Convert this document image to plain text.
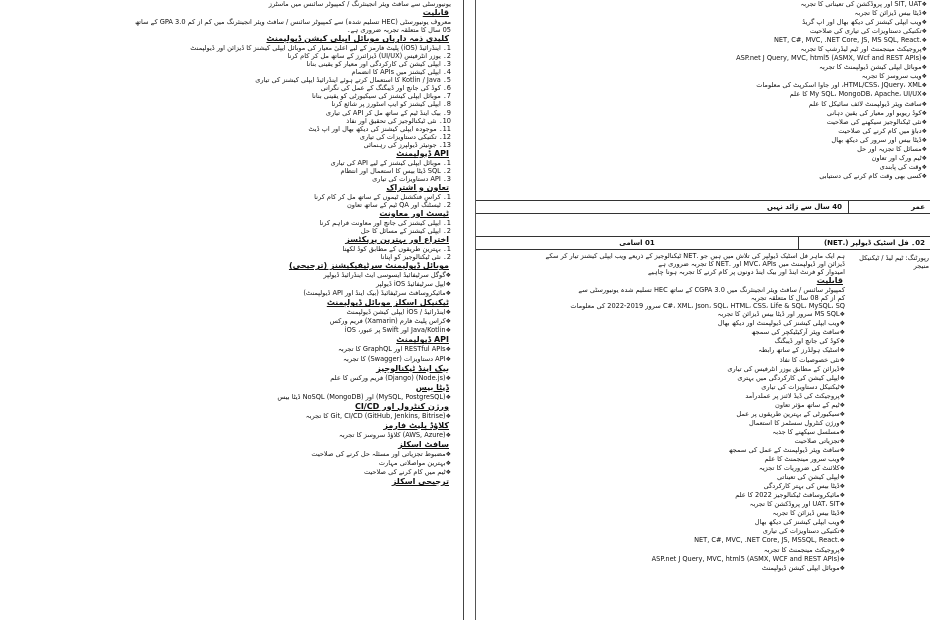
یونیورسٹی سے سافٹ ویئر انجینئرنگ / کمپیوٹر سائنس میں ماسٹرز
قابلیت
معروف یونیورسٹی (HEC تسلیم شدہ) سے کمپیوٹر سائنس / سافٹ ویئر انجینئرنگ میں کم از کم 3.0 GPA کے ساتھ
05 سال کا متعلقہ تجربہ ضروری ہے۔
کلیدی ذمہ داریاں موبائل ایپلی کیشن ڈیولپمنٹ
1۔ اینڈرائیڈ (iOS) پلیٹ فارمز کے لیے اعلیٰ معیار کی موبائل ایپلی کیشنز کا ڈیزائن اور ڈیولپمنٹ
2۔ یوزر انٹرفیس (UI/UX) ڈیزائنرز کے ساتھ مل کر کام کرنا
3۔ ایپلی کیشن کی کارکردگی اور معیار کو یقینی بنانا
4۔ ایپلی کیشنز میں APIs کا انضمام
5۔ Kotlin / Java کا استعمال کرتے ہوئے اینڈرائیڈ ایپلی کیشنز کی تیاری
6۔ کوڈ کی جانچ اور ڈیبگنگ کے عمل کی نگرانی
7۔ موبائل ایپلی کیشنز کی سیکیورٹی کو یقینی بنانا
8۔ ایپلی کیشنز کو ایپ اسٹورز پر شائع کرنا
9۔ بیک اینڈ ٹیم کے ساتھ مل کر API کی تیاری
10۔ نئی ٹیکنالوجیز کی تحقیق اور نفاذ
11۔ موجودہ ایپلی کیشنز کی دیکھ بھال اور اپ ڈیٹ
12۔ تکنیکی دستاویزات کی تیاری
13۔ جونیئر ڈیولپرز کی رہنمائی
API ڈیولپمنٹ
1۔ موبائل ایپلی کیشنز کے لیے API کی تیاری
2۔ SQL ڈیٹا بیس کا استعمال اور انتظام
3۔ API دستاویزات کی تیاری
تعاون و اشتراک
1۔ کراس فنکشنل ٹیموں کے ساتھ مل کر کام کرنا
2۔ ٹیسٹنگ اور QA ٹیم کے ساتھ تعاون
ٹیسٹ اور معاونت
1۔ ایپلی کیشنز کی جانچ اور معاونت فراہم کرنا
2۔ ایپلی کیشنز کے مسائل کا حل
اختراع اور بہترین پریکٹسز
1۔ بہترین طریقوں کے مطابق کوڈ لکھنا
2۔ نئی ٹیکنالوجیز کو اپنانا
موبائل ڈیولپمنٹ سرٹیفیکیشنز (ترجیحی)
❖ گوگل سرٹیفائیڈ ایسوسی ایٹ اینڈرائیڈ ڈیولپر
❖ ایپل سرٹیفائیڈ iOS ڈیولپر
❖ مائیکروسافٹ سرٹیفائیڈ (بیک اینڈ اور API ڈیولپمنٹ)
ٹیکنیکل اسکلز موبائل ڈیولپمنٹ
❖ اینڈرائیڈ / iOS ایپلی کیشن ڈیولپمنٹ
❖ کراس پلیٹ فارم (Xamarin) فریم ورکس
❖ Java/Kotlin اور Swift پر عبور، iOS
API ڈیولپمنٹ
❖ RESTful APIs اور GraphQL کا تجربہ
❖ API دستاویزات (Swagger) کا تجربہ
بیک اینڈ ٹیکنالوجیز
❖ (Node.js) (Django) فریم ورکس کا علم
ڈیٹا بیس
❖ (MySQL, PostgreSQL) اور NoSQL (MongoDB) ڈیٹا بیس
ورژن کنٹرول اور CI/CD
❖ Git, CI/CD (GitHub, Jenkins, Bitrise) کا تجربہ
کلاؤڈ پلیٹ فارمز
❖ (AWS, Azure) کلاؤڈ سروسز کا تجربہ
سافٹ اسکلز
❖ مضبوط تجزیاتی اور مسئلہ حل کرنے کی صلاحیت
❖ بہترین مواصلاتی مہارت
❖ ٹیم میں کام کرنے کی صلاحیت
ترجیحی اسکلز
❖ SIT, UAT اور پروڈکشن کی تعیناتی کا تجربہ
❖ ڈیٹا بیس ڈیزائن کا تجربہ
❖ ویب ایپلی کیشنز کی دیکھ بھال اور اپ گریڈ
❖ تکنیکی دستاویزات کی تیاری کی صلاحیت
❖ .NET, C#, MVC, .NET Core, JS, MS SQL, React
❖ پروجیکٹ مینجمنٹ اور ٹیم لیڈرشپ کا تجربہ
❖ (ASMX, Wcf and REST APIs) ASP.net J Query, MVC, html5
❖ موبائل ایپلی کیشن ڈیولپمنٹ کا تجربہ
❖ ویب سروسز کا تجربہ
❖ HTML/CSS، JQuery، XML، اور جاوا اسکرپٹ کی معلومات
❖ My SQL، MongoDB، Apache، UI/UX کا علم
❖ سافٹ ویئر ڈیولپمنٹ لائف سائیکل کا علم
❖ کوڈ ریویو اور معیار کی یقین دہانی
❖ نئی ٹیکنالوجیز سیکھنے کی صلاحیت
❖ دباؤ میں کام کرنے کی صلاحیت
❖ ڈیٹا بیس اور سرور کی دیکھ بھال
❖ مسائل کا تجزیہ اور حل
❖ ٹیم ورک اور تعاون
❖ وقت کی پابندی
❖ کسی بھی وقت کام کرنے کی دستیابی
عمر
40 سال سے زائد نہیں
02۔ فل اسٹیک ڈیولپر (.NET)
01 اسامی
رپورٹنگ: ٹیم لیڈ / ٹیکنیکل منیجر
ہم ایک ماہر فل اسٹیک ڈیولپر کی تلاش میں ہیں جو .NET ٹیکنالوجیز کے ذریعے ویب ایپلی کیشنز تیار کر سکے
ڈیزائن اور ڈیولپمنٹ میں MVC، APIs اور .NET کا تجربہ ضروری ہے
امیدوار کو فرنٹ اینڈ اور بیک اینڈ دونوں پر کام کرنے کا تجربہ ہونا چاہیے
قابلیت
کمپیوٹر سائنس / سافٹ ویئر انجینئرنگ میں CGPA 3.0 کے ساتھ HEC تسلیم شدہ یونیورسٹی سے
کم از کم 08 سال کا متعلقہ تجربہ
C#، XML، Json، SQL، HTML، CSS، Life & SQL، MySQL، SQ سرور 2019-2022 کی معلومات
❖ MS SQL سرور اور ڈیٹا بیس ڈیزائن کا تجربہ
❖ ویب ایپلی کیشنز کی ڈیولپمنٹ اور دیکھ بھال
❖ سافٹ ویئر آرکیٹیکچر کی سمجھ
❖ کوڈ کی جانچ اور ڈیبگنگ
❖ اسٹیک ہولڈرز کے ساتھ رابطہ
❖ نئی خصوصیات کا نفاذ
❖ ڈیزائن کے مطابق یوزر انٹرفیس کی تیاری
❖ ایپلی کیشن کی کارکردگی میں بہتری
❖ ٹیکنیکل دستاویزات کی تیاری
❖ پروجیکٹ کی ڈیڈ لائنز پر عملدرآمد
❖ ٹیم کے ساتھ مؤثر تعاون
❖ سیکیورٹی کے بہترین طریقوں پر عمل
❖ ورژن کنٹرول سسٹمز کا استعمال
❖ مسلسل سیکھنے کا جذبہ
❖ تجزیاتی صلاحیت
❖ سافٹ ویئر ڈیولپمنٹ کے عمل کی سمجھ
❖ ویب سرور مینجمنٹ کا علم
❖ کلائنٹ کی ضروریات کا تجزیہ
❖ ایپلی کیشن کی تعیناتی
❖ ڈیٹا بیس کی بہتر کارکردگی
❖ مائیکروسافٹ ٹیکنالوجیز 2022 کا علم
❖ UAT، SIT اور پروڈکشن کا تجربہ
❖ ڈیٹا بیس ڈیزائن کا تجربہ
❖ ویب ایپلی کیشنز کی دیکھ بھال
❖ تکنیکی دستاویزات کی تیاری
❖ .NET, C#, MVC, .NET Core, JS, MSSQL, React
❖ پروجیکٹ مینجمنٹ کا تجربہ
❖ (ASMX, WCF and REST APIs) ASP.net J Query, MVC, html5
❖ موبائل ایپلی کیشن ڈیولپمنٹ
